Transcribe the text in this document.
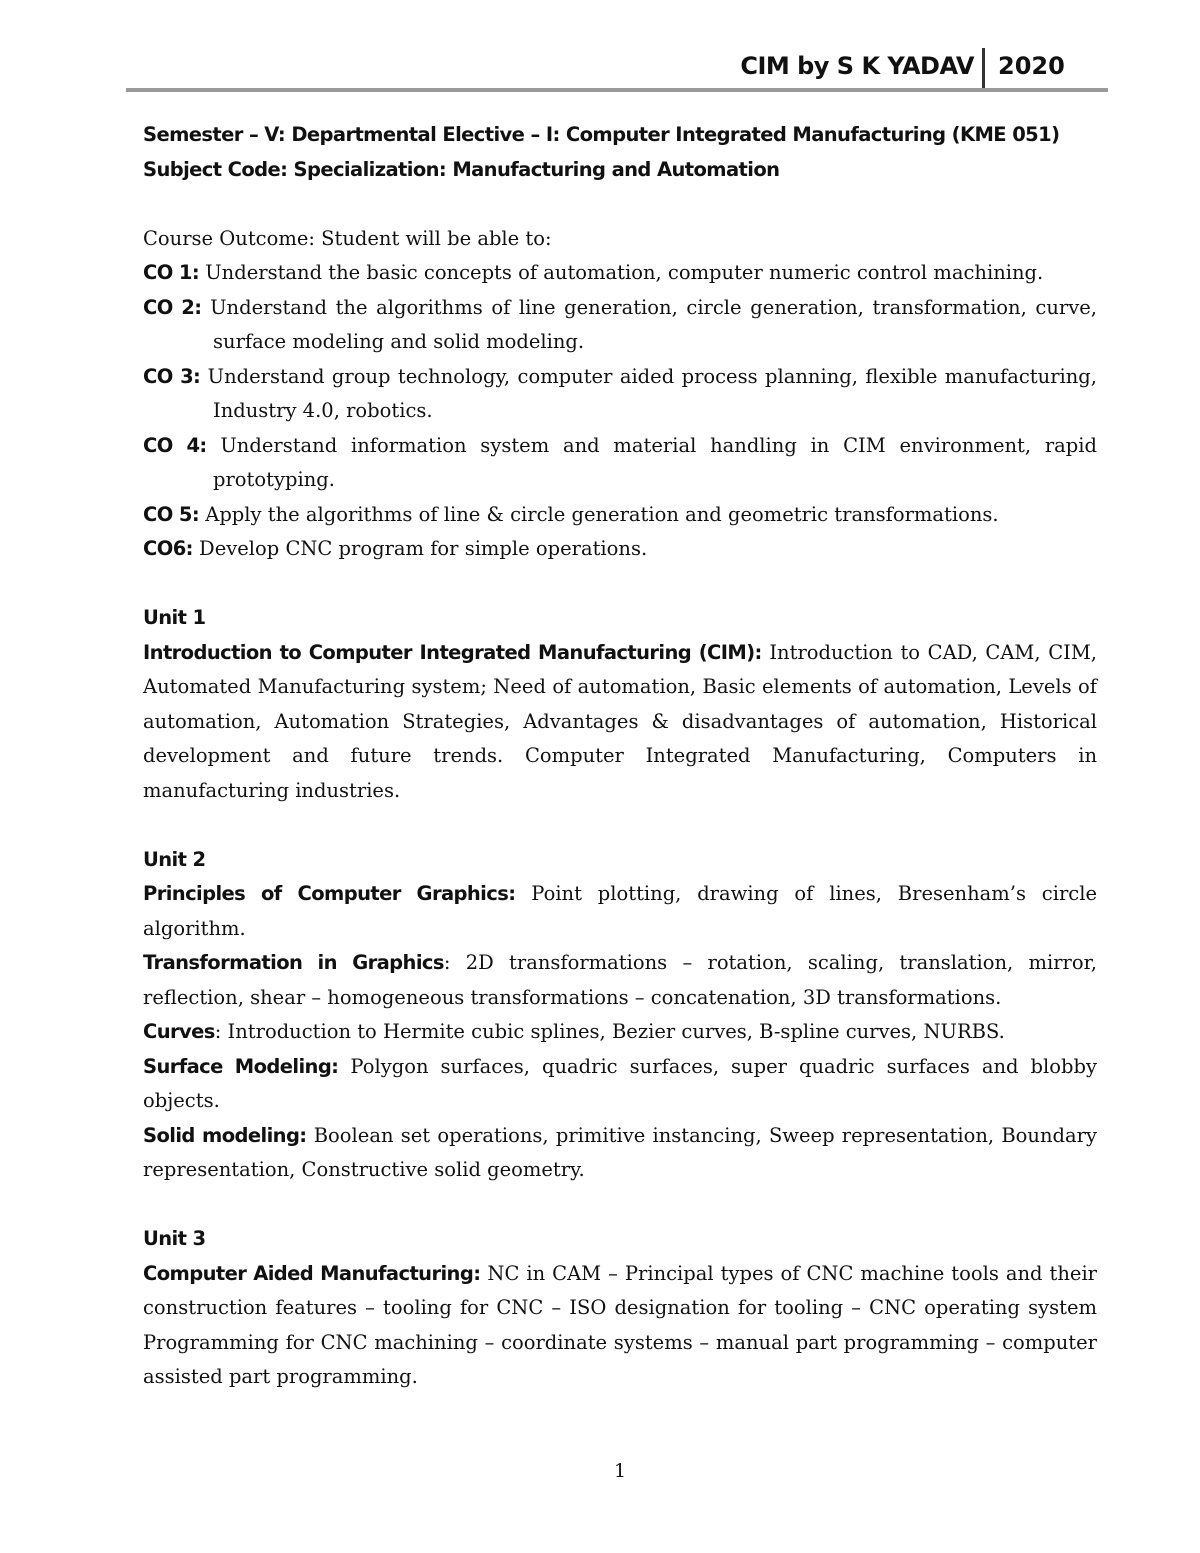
CIM by S K YADAV 2020

Semester – V: Departmental Elective – I: Computer Integrated Manufacturing (KME 051)

Subject Code: Specialization: Manufacturing and Automation

Course Outcome: Student will be able to:

CO 1: Understand the basic concepts of automation, computer numeric control machining.

CO 2: Understand the algorithms of line generation, circle generation, transformation, curve, surface modeling and solid modeling.

CO 3: Understand group technology, computer aided process planning, flexible manufacturing, Industry 4.0, robotics.

CO 4: Understand information system and material handling in CIM environment, rapid prototyping.

CO 5: Apply the algorithms of line & circle generation and geometric transformations.

CO6: Develop CNC program for simple operations.

Unit 1

Introduction to Computer Integrated Manufacturing (CIM): Introduction to CAD, CAM, CIM, Automated Manufacturing system; Need of automation, Basic elements of automation, Levels of automation, Automation Strategies, Advantages & disadvantages of automation, Historical development and future trends. Computer Integrated Manufacturing, Computers in manufacturing industries.

Unit 2

Principles of Computer Graphics: Point plotting, drawing of lines, Bresenham’s circle algorithm.

Transformation in Graphics: 2D transformations – rotation, scaling, translation, mirror, reflection, shear – homogeneous transformations – concatenation, 3D transformations.

Curves: Introduction to Hermite cubic splines, Bezier curves, B-spline curves, NURBS.

Surface Modeling: Polygon surfaces, quadric surfaces, super quadric surfaces and blobby objects.

Solid modeling: Boolean set operations, primitive instancing, Sweep representation, Boundary representation, Constructive solid geometry.

Unit 3

Computer Aided Manufacturing: NC in CAM – Principal types of CNC machine tools and their construction features – tooling for CNC – ISO designation for tooling – CNC operating system Programming for CNC machining – coordinate systems – manual part programming – computer assisted part programming.

1
